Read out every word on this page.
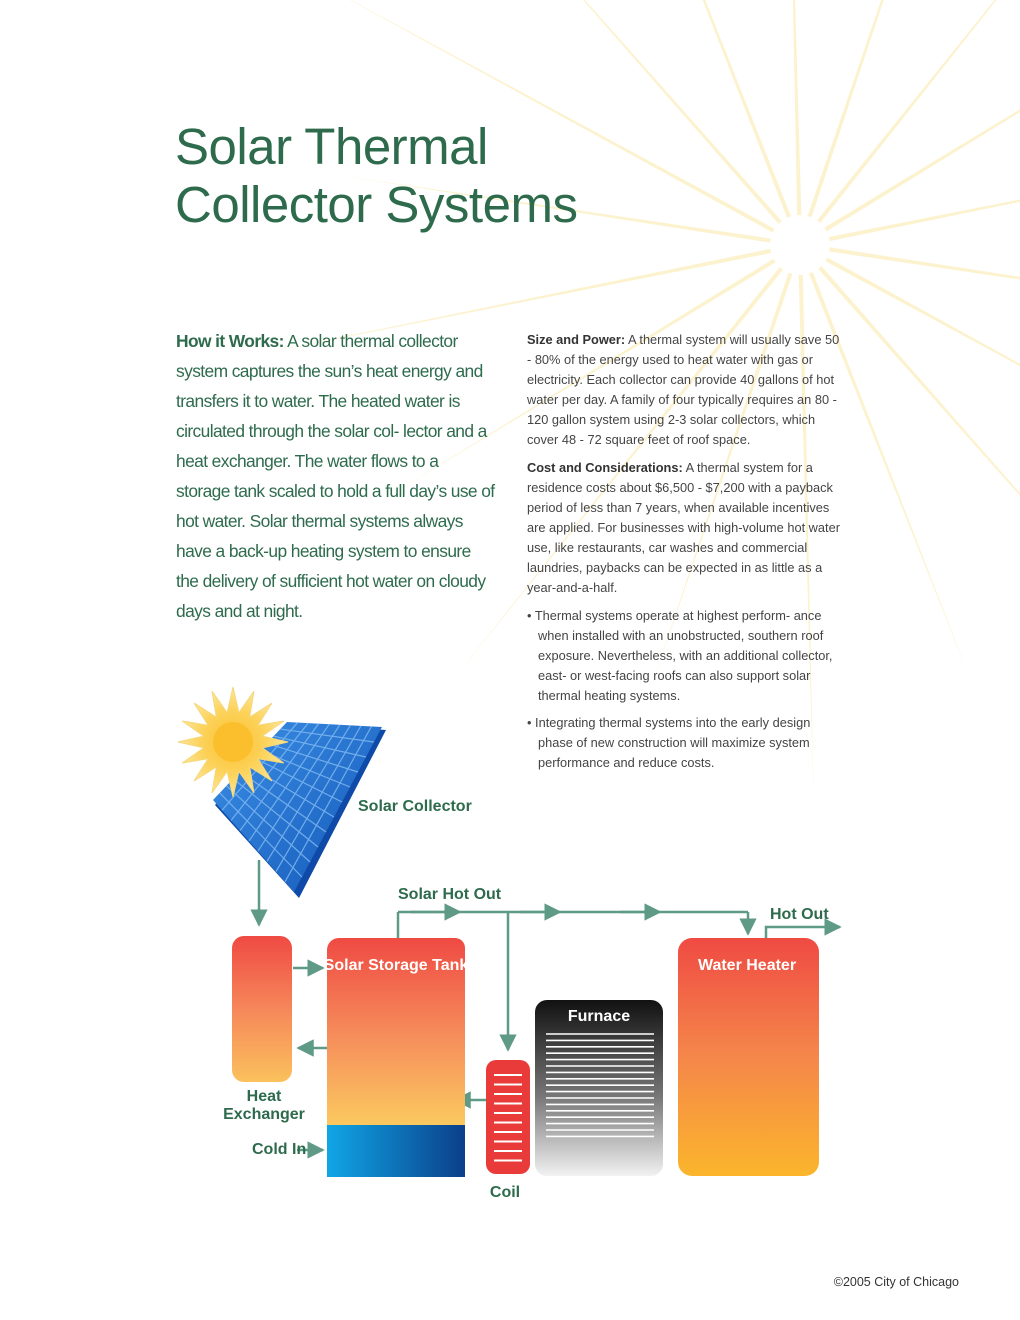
Solar Thermal
Collector Systems
How it Works: A solar thermal collector system captures the sun’s heat energy and transfers it to water. The heated water is circulated through the solar col- lector and a heat exchanger. The water flows to a storage tank scaled to hold a full day’s use of hot water. Solar thermal systems always have a back-up heating system to ensure the delivery of sufficient hot water on cloudy days and at night.

Size and Power: A thermal system will usually save 50 - 80% of the energy used to heat water with gas or electricity. Each collector can provide 40 gallons of hot water per day. A family of four typically requires an 80 - 120 gallon system using 2-3 solar collectors, which cover 48 - 72 square feet of roof space.

Cost and Considerations: A thermal system for a residence costs about $6,500 - $7,200 with a payback period of less than 7 years, when available incentives are applied. For businesses with high-volume hot water use, like restaurants, car washes and commercial laundries, paybacks can be expected in as little as a year-and-a-half.

• Thermal systems operate at highest perform- ance when installed with an unobstructed, southern roof exposure. Nevertheless, with an additional collector, east- or west-facing roofs can also support solar thermal heating systems.

• Integrating thermal systems into the early design phase of new construction will maximize system performance and reduce costs.

Solar Collector
Heat
Exchanger
Cold In
Solar Storage Tank
Solar Hot Out
Coil
Furnace
Water Heater
Hot Out
©2005 City of Chicago
